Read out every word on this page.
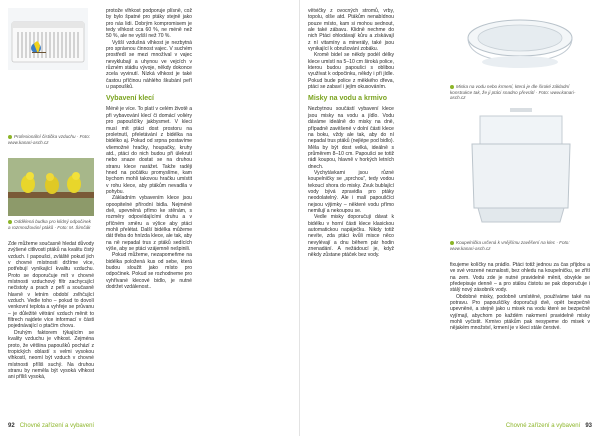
Profesionální čistička vzduchu · Foto: www.kanari-asch.cz
Oddělená budka pro klidný odpočinek a rozmnožování ptáků · Foto: M. Šimčák

Zde můžeme současně hledat důvody zvýšené citlivosti ptáků na kvalitu čistý vzduch. I papoušci, zvláště pokud jich v chovné místnosti držíme více, potřebují vynikající kvalitu vzduchu. Proto se doporučuje mít v chovné místnosti vzduchový filtr zachycující nečistoty a prach z peří a současně hlavně v letním období zvlhčující vzduch. Vedle toho – pokud to dovolí venkovní teplota a vyhřeje se průvanu – je důležité větrání vzduch měnit to filtrech najdete více informací v části pojednávající o ptačím chovu.

Druhým faktorem týkajícím se kvality vzduchu je vlhkost. Zejména proto, že většina papoušků pochází z tropických oblastí s velmi vysokou vlhkostí, neomí být vzduch v chovné místnosti příliš suchý. Na druhou stranu by neměla být vysoká vlhkost ani příliš vysoká,

protože vlhkost podporuje plísně, což by bylo špatné pro ptáky stejně jako pro nás lidi. Dobrým kompromisem je tedy vlhkost cca 60 %, ne méně než 50 %, ale ne vyšší než 70 %.

Vyšší vzdušná vlhkost je nezbytná pro správnou činnost vajec. V suchém prostředí se mezi množíval v vajec nevyklubají a uhynou ve vejcích v různém stádiu vývoje, někdy dokonce zcela vyvinutí. Nízká vlhkost je také častou příčinou náhlého škubání peří u papoušků.

Vybavení klecí

Méně je více. To platí v celém životě a při vybavování klecí či domácí voliéry pro papouščíky jakbysmet. V kleci musí mít ptáci dost prostoru na proletnutí, přeletávání z bidélka na bidélko aj. Pokud od srpna postavíme všemožné hračky, houpačky, kruhy atd., ptáci do nich budou při úlekrutí nebo snaze dostat se na druhou stranu klece narážet. Takže raději hned na počátku promyslíme, kam bychom mohli takovou hračku umístit v rohu klece, aby ptákům nevadila v pohybu.

Základním vybavením klece jsou opoopitelné přírodní bidla. Nejméně dvě, upevněná přímo ke stěnám, s rozměry odpovídajícími druhu a v příčném směru a výšce aby ptáci mohli přelétat. Další bidélka můžeme dát třeba do hnízda klece, ale tak, aby na ně nepadal trus z ptáků sedících výše, aby se ptáci vzájemně nešpinili.

Pokud můžeme, nezapomeňme na bidélka položená kus od sebe, která budou sloužit jako místo pro odpočinek. Pokud se rozhodneme pro vyhřívané klecové bidlo, je nutné dodržet vzdálenost..

92 Chovné zařízení a vybavení

větvičky z ovocných stromů, vrby, topolu, olše atd. Ptákům nenabídnou pouze místo, kam si mohou sednout, ale také zábavu. Klidně nechme do nich Ptáci ohlodávají kůru a získávají z ní vitamíny a minerály, také jsou vynikající k obrušování zobáku.

Kromě bidel se někdy podél délky klece umístí na 5–10 cm široká police, kterou budou papoušci s oblibou využívat k odpočinku, někdy i při jídle. Pokud bude police z měkkého dřeva, ptáci se zabaví i jejím okusováním.

Misky na vodu a krmivo

Nezbytnou součástí vybavení klece jsou misky na vodu a jídlo. Vodu dáváme ideálně do misky na dně, případně zavěšené v dolní části klece na boku, vždy ale tak, aby do ní nepadal trus ptáků (nejlépe pod bidlo). Měla by být dost velká, ideálně s průměrem 8–10 cm. Papoušci se totiž rádi koupou, hlavně v horkých letních dnech.

Vychytávkami jsou různé koupelničky se „sprchou“, tedy vodou tekoucí shora do misky. Zvuk bublající vody bývá zpravidla pro ptáky neodolatelný. Ale i malí papouščíci nejsou výjimky – některé vodu přímo nemilují a nekoupou se.

Vedle misky doporučuji dávat k bidélku v horní části klece klasickou automatickou napáječku. Nikdy totiž nevíte, zda ptáci kvůli misce něco nevylévají a dnu během pár hodin znenadání. A nežádoucí je, když někdy zůstane ptáček bez vody.

Miska na vodu nebo krmení, která je dle široké základní konstrukce tak, že ji ptáci snadno převrátí · Foto: www.kanari-asch.cz
Koupelnička určená k vnějšímu zavěšení na klec · Foto: www.kanari-asch.cz

fixujeme kolíčky na prádlo. Ptáci totiž jednou za čas přijdou a ve své vrozené neznalosti, bez ohledu na koupelničku, se zřítí na zem. Vodu zde je nutné pravidelně měnit, obvykle se předepisuje denně – a pro stálou čistotu se pak doporučuje i stálý nový zásobník vody.

Obdobné misky, podobně umístěné, používáme také na potravu. Pro papouščíky doporučuji dvě, opět bezpečně upevněné, a stejně jako u misek na vodu které se bezpečně vyjímají, abychom po každém nakrmení pravidelně misky mohli vyčistit. Krmivo ptákům pak nesypeme do misek v nějakém množství, krmení je v kleci stále čerstvé.

Chovné zařízení a vybavení 93
